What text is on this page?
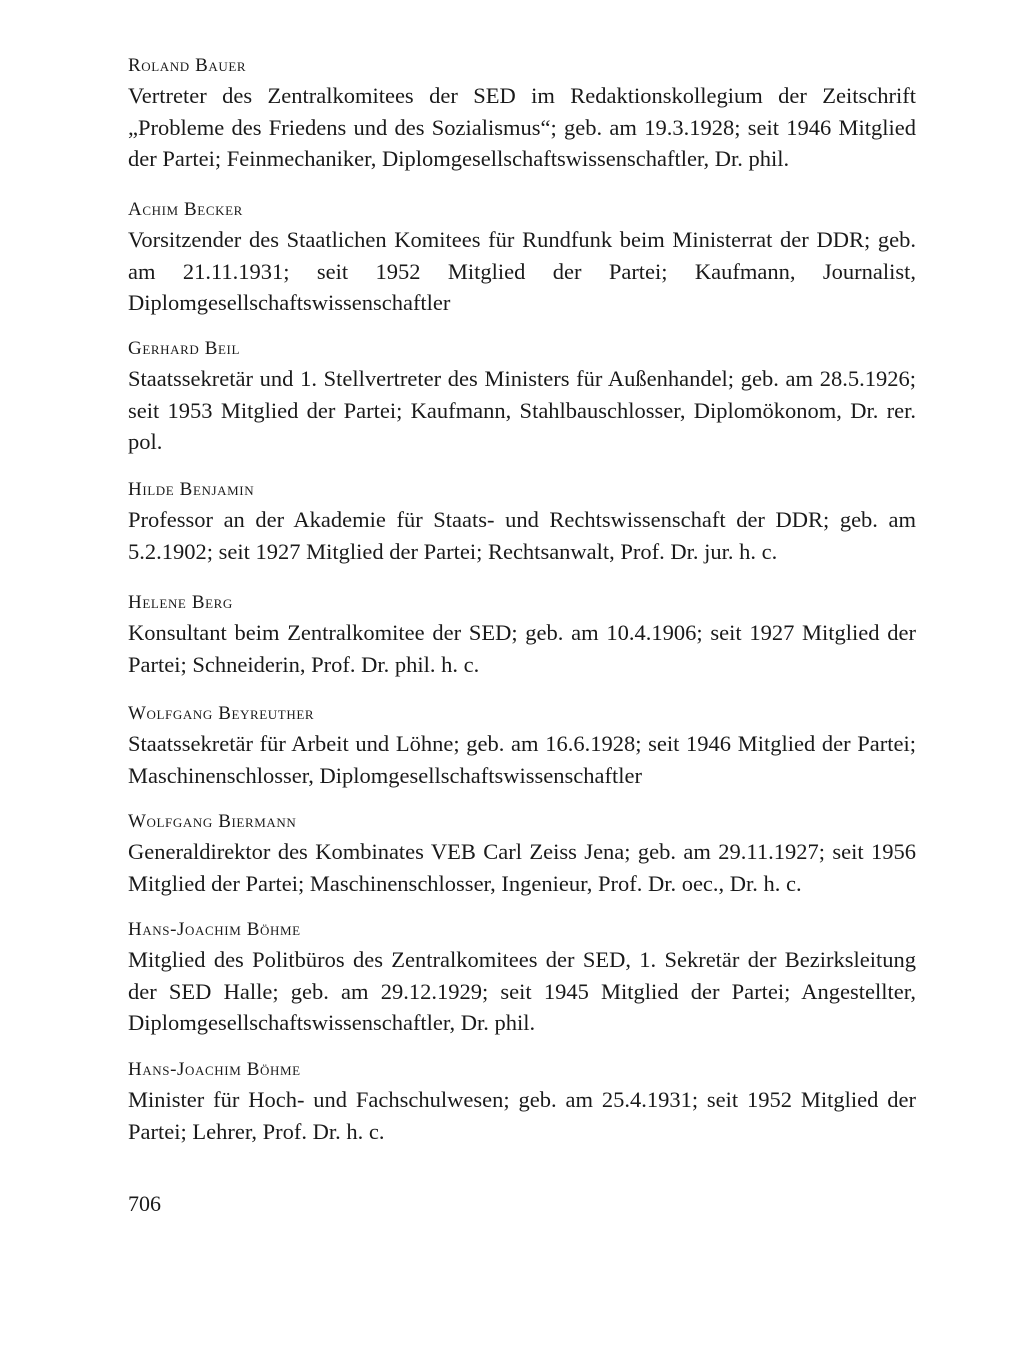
Roland Bauer

Vertreter des Zentralkomitees der SED im Redaktionskollegium der Zeitschrift „Probleme des Friedens und des Sozialismus“; geb. am 19.3.1928; seit 1946 Mitglied der Partei; Feinmechaniker, Diplomgesellschaftswissenschaftler, Dr. phil.

Achim Becker

Vorsitzender des Staatlichen Komitees für Rundfunk beim Ministerrat der DDR; geb. am 21.11.1931; seit 1952 Mitglied der Partei; Kaufmann, Journalist, Diplomgesellschaftswissenschaftler

Gerhard Beil

Staatssekretär und 1. Stellvertreter des Ministers für Außenhandel; geb. am 28.5.1926; seit 1953 Mitglied der Partei; Kaufmann, Stahlbauschlosser, Diplomökonom, Dr. rer. pol.

Hilde Benjamin

Professor an der Akademie für Staats- und Rechtswissenschaft der DDR; geb. am 5.2.1902; seit 1927 Mitglied der Partei; Rechtsanwalt, Prof. Dr. jur. h. c.

Helene Berg

Konsultant beim Zentralkomitee der SED; geb. am 10.4.1906; seit 1927 Mitglied der Partei; Schneiderin, Prof. Dr. phil. h. c.

Wolfgang Beyreuther

Staatssekretär für Arbeit und Löhne; geb. am 16.6.1928; seit 1946 Mitglied der Partei; Maschinenschlosser, Diplomgesellschaftswissenschaftler

Wolfgang Biermann

Generaldirektor des Kombinates VEB Carl Zeiss Jena; geb. am 29.11.1927; seit 1956 Mitglied der Partei; Maschinenschlosser, Ingenieur, Prof. Dr. oec., Dr. h. c.

Hans-Joachim Böhme

Mitglied des Politbüros des Zentralkomitees der SED, 1. Sekretär der Bezirksleitung der SED Halle; geb. am 29.12.1929; seit 1945 Mitglied der Partei; Angestellter, Diplomgesellschaftswissenschaftler, Dr. phil.

Hans-Joachim Böhme

Minister für Hoch- und Fachschulwesen; geb. am 25.4.1931; seit 1952 Mitglied der Partei; Lehrer, Prof. Dr. h. c.

706
